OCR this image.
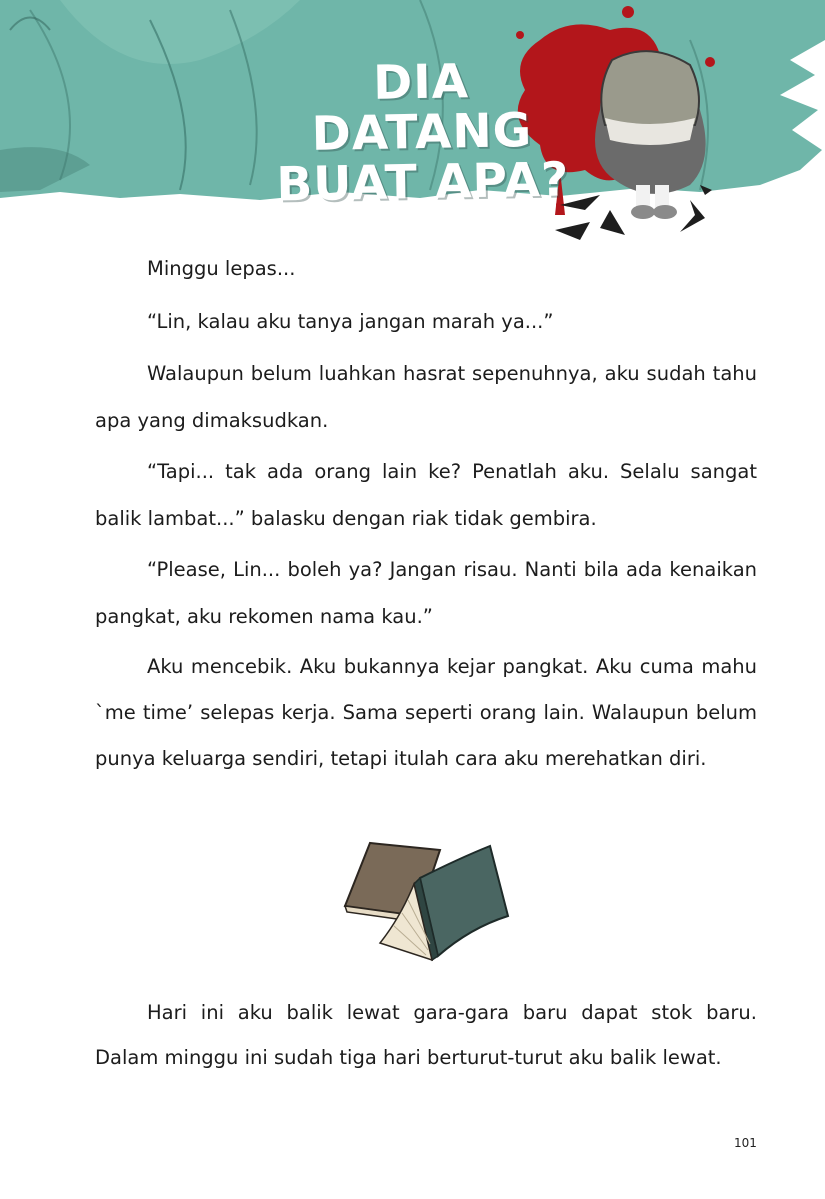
DIA DATANG
BUAT APA?

Minggu lepas...

“Lin, kalau aku tanya jangan marah ya...”

Walaupun belum luahkan hasrat sepenuhnya, aku sudah tahu apa yang dimaksudkan.

“Tapi... tak ada orang lain ke? Penatlah aku. Selalu sangat balik lambat...” balasku dengan riak tidak gembira.

“Please, Lin... boleh ya? Jangan risau. Nanti bila ada kenaikan pangkat, aku rekomen nama kau.”

Aku mencebik. Aku bukannya kejar pangkat. Aku cuma mahu `me time’ selepas kerja. Sama seperti orang lain. Walaupun belum punya keluarga sendiri, tetapi itulah cara aku merehatkan diri.

Hari ini aku balik lewat gara-gara baru dapat stok baru. Dalam minggu ini sudah tiga hari berturut-turut aku balik lewat.

101
